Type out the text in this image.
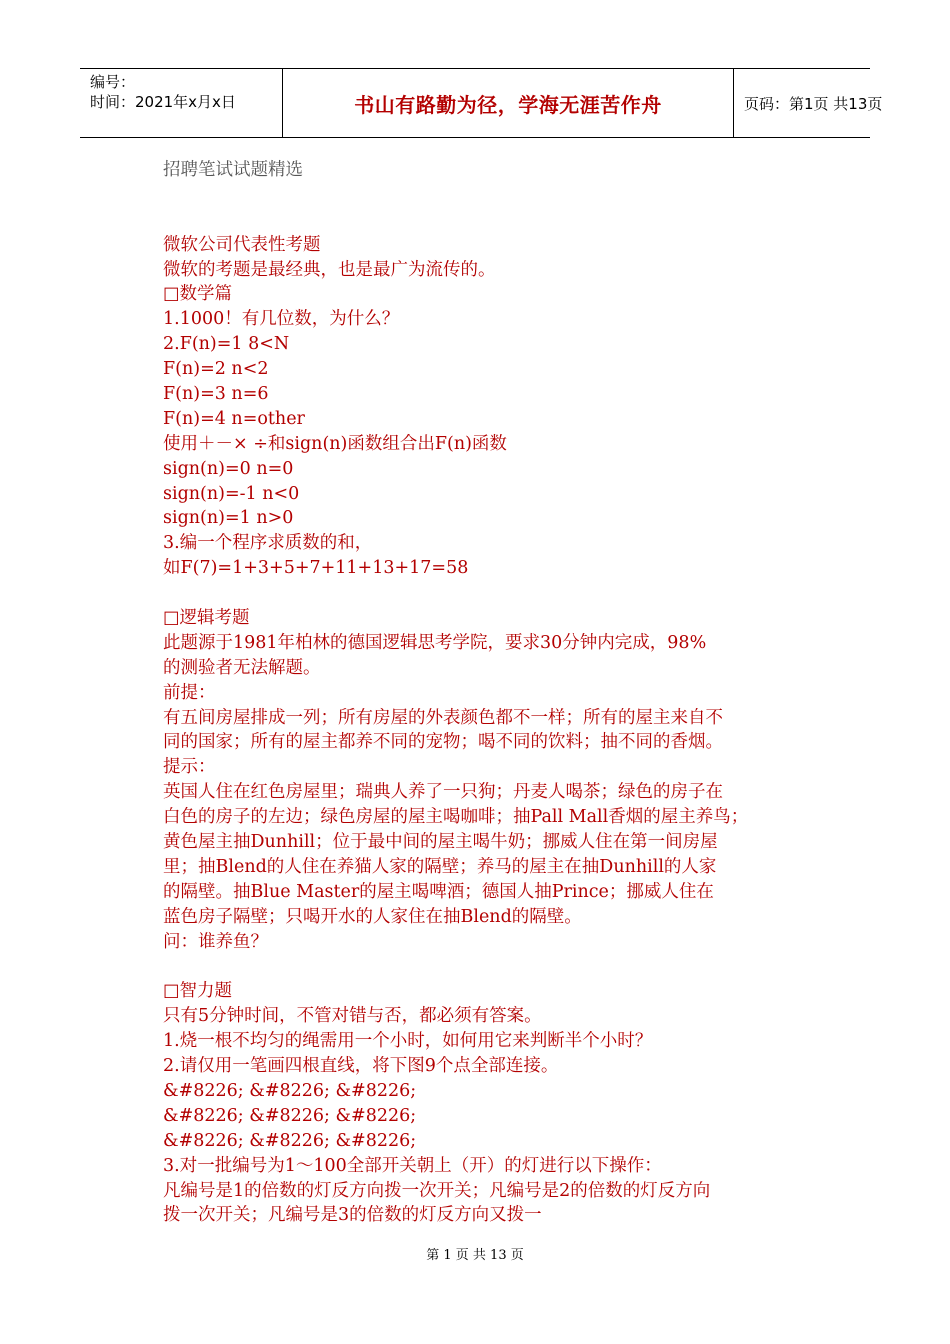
编号：
时间：2021年x月x日	书山有路勤为径，学海无涯苦作舟	页码：第1页 共13页
招聘笔试试题精选
微软公司代表性考题
微软的考题是最经典，也是最广为流传的。
□数学篇
1.1000！有几位数，为什么？
2.F(n)=1 8<N
F(n)=2 n<2
F(n)=3 n=6
F(n)=4 n=other
使用＋－× ÷和sign(n)函数组合出F(n)函数
sign(n)=0 n=0
sign(n)=-1 n<0
sign(n)=1 n>0
3.编一个程序求质数的和，
如F(7)=1+3+5+7+11+13+17=58
□逻辑考题
此题源于1981年柏林的德国逻辑思考学院，要求30分钟内完成，98%
的测验者无法解题。
前提：
有五间房屋排成一列；所有房屋的外表颜色都不一样；所有的屋主来自不
同的国家；所有的屋主都养不同的宠物；喝不同的饮料；抽不同的香烟。
提示：
英国人住在红色房屋里；瑞典人养了一只狗；丹麦人喝茶；绿色的房子在
白色的房子的左边；绿色房屋的屋主喝咖啡；抽Pall Mall香烟的屋主养鸟；
黄色屋主抽Dunhill；位于最中间的屋主喝牛奶；挪威人住在第一间房屋
里；抽Blend的人住在养猫人家的隔壁；养马的屋主在抽Dunhill的人家
的隔壁。抽Blue Master的屋主喝啤酒；德国人抽Prince；挪威人住在
蓝色房子隔壁；只喝开水的人家住在抽Blend的隔壁。
问：谁养鱼？
□智力题
只有5分钟时间，不管对错与否，都必须有答案。
1.烧一根不均匀的绳需用一个小时，如何用它来判断半个小时？
2.请仅用一笔画四根直线，将下图9个点全部连接。
&#8226; &#8226; &#8226;
&#8226; &#8226; &#8226;
&#8226; &#8226; &#8226;
3.对一批编号为1～100全部开关朝上（开）的灯进行以下操作：
凡编号是1的倍数的灯反方向拨一次开关；凡编号是2的倍数的灯反方向
拨一次开关；凡编号是3的倍数的灯反方向又拨一
第 1 页 共 13 页
